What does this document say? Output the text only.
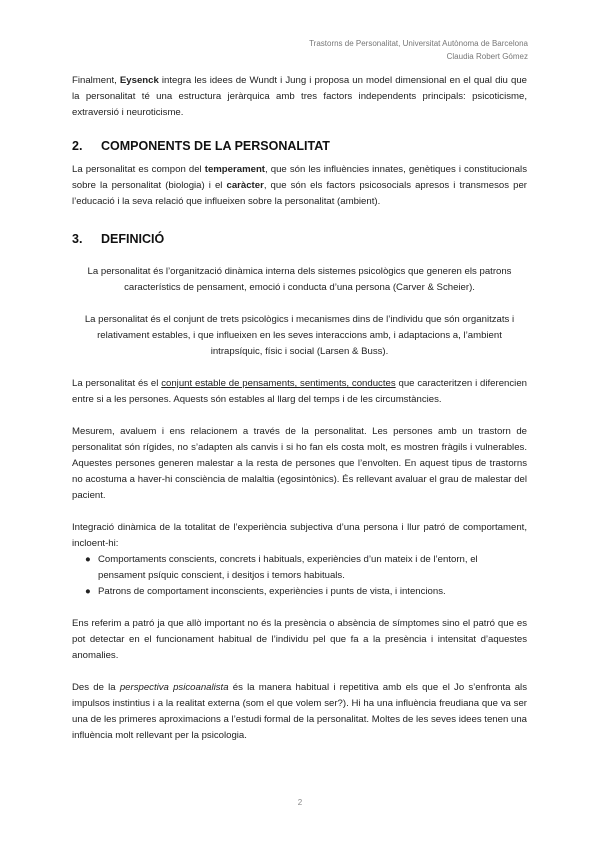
Trastorns de Personalitat, Universitat Autònoma de Barcelona
Claudia Robert Gómez

Finalment, Eysenck integra les idees de Wundt i Jung i proposa un model dimensional en el qual diu que la personalitat té una estructura jeràrquica amb tres factors independents principals: psicoticisme, extraversió i neuroticisme.

2. COMPONENTS DE LA PERSONALITAT

La personalitat es compon del temperament, que són les influències innates, genètiques i constitucionals sobre la personalitat (biologia) i el caràcter, que són els factors psicosocials apresos i transmesos per l’educació i la seva relació que influeixen sobre la personalitat (ambient).

3. DEFINICIÓ

La personalitat és l’organització dinàmica interna dels sistemes psicològics que generen els patrons característics de pensament, emoció i conducta d’una persona (Carver & Scheier).

La personalitat és el conjunt de trets psicològics i mecanismes dins de l’individu que són organitzats i relativament estables, i que influeixen en les seves interaccions amb, i adaptacions a, l’ambient intrapsíquic, físic i social (Larsen & Buss).

La personalitat és el conjunt estable de pensaments, sentiments, conductes que caracteritzen i diferencien entre si a les persones. Aquests són estables al llarg del temps i de les circumstàncies.

Mesurem, avaluem i ens relacionem a través de la personalitat. Les persones amb un trastorn de personalitat són rígides, no s’adapten als canvis i si ho fan els costa molt, es mostren fràgils i vulnerables. Aquestes persones generen malestar a la resta de persones que l’envolten. En aquest tipus de trastorns no acostuma a haver-hi consciència de malaltia (egosintònics). És rellevant avaluar el grau de malestar del pacient.

Integració dinàmica de la totalitat de l’experiència subjectiva d’una persona i llur patró de comportament, incloent-hi:

● Comportaments conscients, concrets i habituals, experiències d’un mateix i de l’entorn, el pensament psíquic conscient, i desitjos i temors habituals.
● Patrons de comportament inconscients, experiències i punts de vista, i intencions.

Ens referim a patró ja que allò important no és la presència o absència de símptomes sino el patró que es pot detectar en el funcionament habitual de l’individu pel que fa a la presència i intensitat d’aquestes anomalies.

Des de la perspectiva psicoanalista és la manera habitual i repetitiva amb els que el Jo s’enfronta als impulsos instintius i a la realitat externa (som el que volem ser?). Hi ha una influència freudiana que va ser una de les primeres aproximacions a l’estudi formal de la personalitat. Moltes de les seves idees tenen una influència molt rellevant per la psicologia.

2
